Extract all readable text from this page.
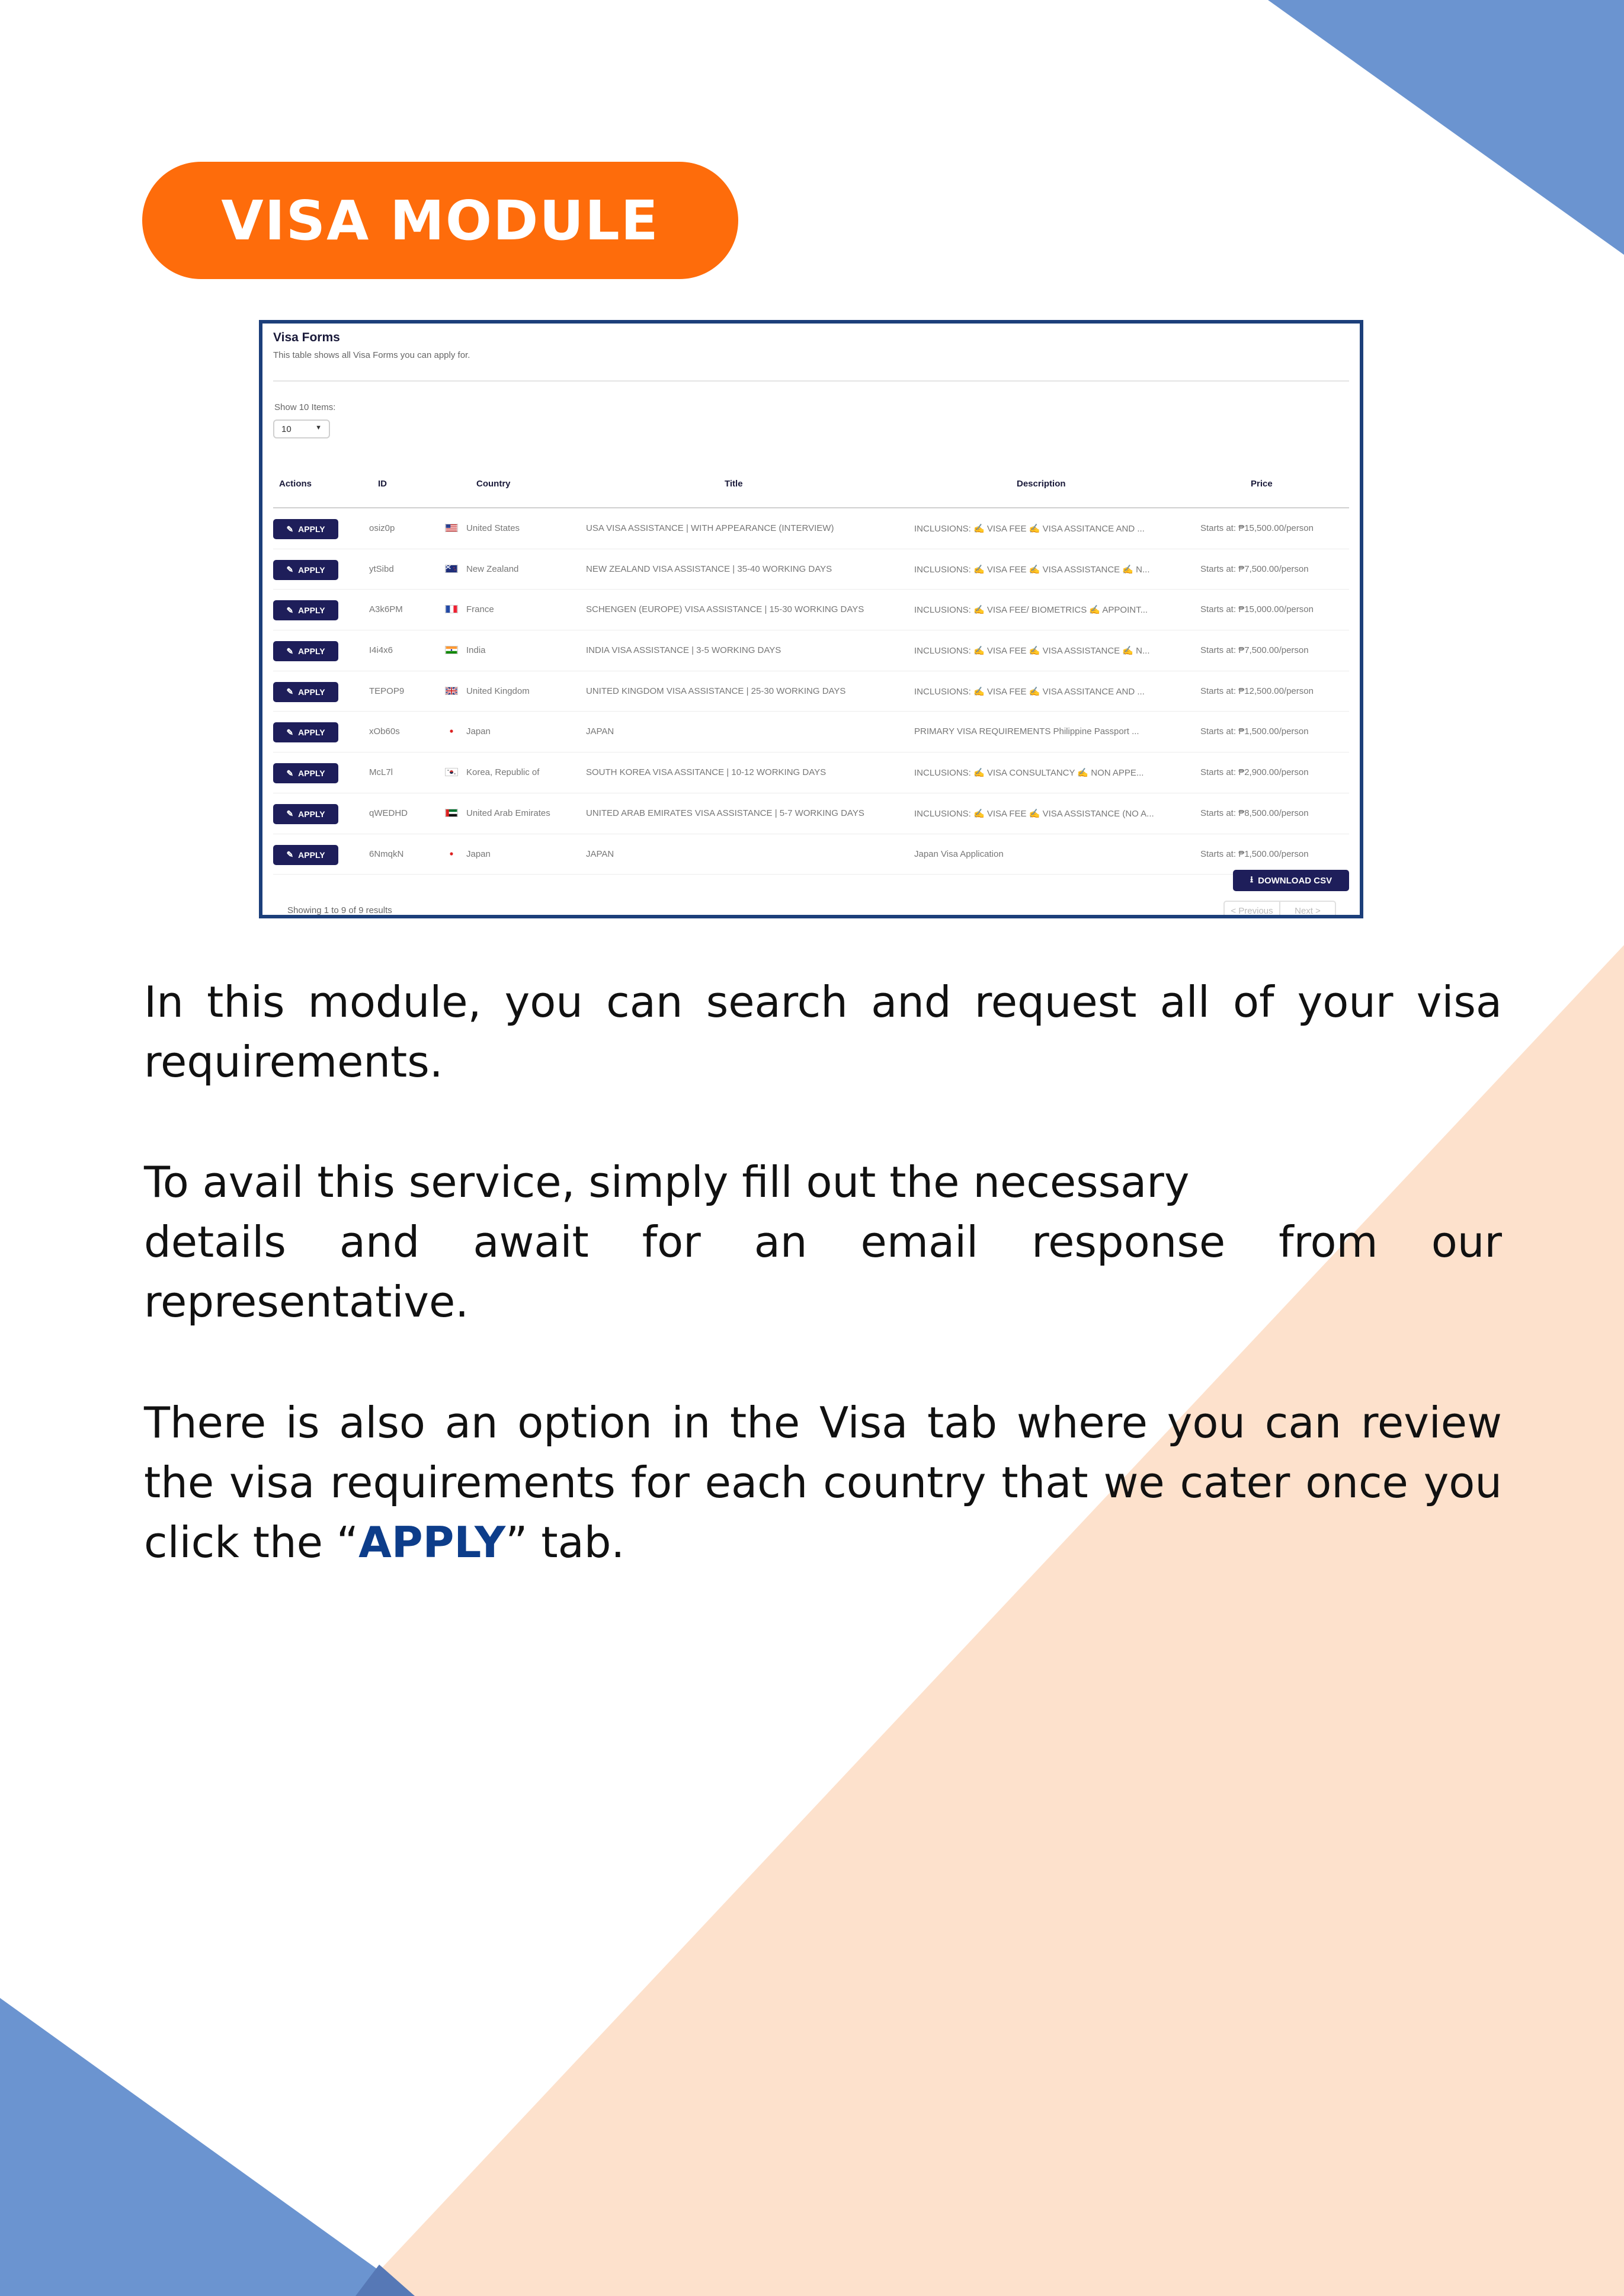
VISA MODULE
Visa Forms
This table shows all Visa Forms you can apply for.
Show 10 Items:
10	▼
Actions	ID	Country	Title	Description	Price
✎ APPLY	osiz0p	United States	USA VISA ASSISTANCE | WITH APPEARANCE (INTERVIEW)	INCLUSIONS: ✍ VISA FEE ✍ VISA ASSITANCE AND ...	Starts at: ₱15,500.00/person
✎ APPLY	ytSibd	New Zealand	NEW ZEALAND VISA ASSISTANCE | 35-40 WORKING DAYS	INCLUSIONS: ✍ VISA FEE ✍ VISA ASSISTANCE ✍ N...	Starts at: ₱7,500.00/person
✎ APPLY	A3k6PM	France	SCHENGEN (EUROPE) VISA ASSISTANCE | 15-30 WORKING DAYS	INCLUSIONS: ✍ VISA FEE/ BIOMETRICS ✍ APPOINT...	Starts at: ₱15,000.00/person
✎ APPLY	I4i4x6	India	INDIA VISA ASSISTANCE | 3-5 WORKING DAYS	INCLUSIONS: ✍ VISA FEE ✍ VISA ASSISTANCE ✍ N...	Starts at: ₱7,500.00/person
✎ APPLY	TEPOP9	United Kingdom	UNITED KINGDOM VISA ASSISTANCE | 25-30 WORKING DAYS	INCLUSIONS: ✍ VISA FEE ✍ VISA ASSITANCE AND ...	Starts at: ₱12,500.00/person
✎ APPLY	xOb60s	Japan	JAPAN	PRIMARY VISA REQUIREMENTS Philippine Passport ...	Starts at: ₱1,500.00/person
✎ APPLY	McL7l	Korea, Republic of	SOUTH KOREA VISA ASSITANCE | 10-12 WORKING DAYS	INCLUSIONS: ✍ VISA CONSULTANCY ✍ NON APPE...	Starts at: ₱2,900.00/person
✎ APPLY	qWEDHD	United Arab Emirates	UNITED ARAB EMIRATES VISA ASSISTANCE | 5-7 WORKING DAYS	INCLUSIONS: ✍ VISA FEE ✍ VISA ASSISTANCE (NO A...	Starts at: ₱8,500.00/person
✎ APPLY	6NmqkN	Japan	JAPAN	Japan Visa Application	Starts at: ₱1,500.00/person
⭳ DOWNLOAD CSV
Showing 1 to 9 of 9 results	< Previous	Next >

In this module, you can search and request all of your visa requirements.

To avail this service, simply fill out the necessary
details and await for an email response from our representative.

There is also an option in the Visa tab where you can review the visa requirements for each country that we cater once you click the “APPLY” tab.
